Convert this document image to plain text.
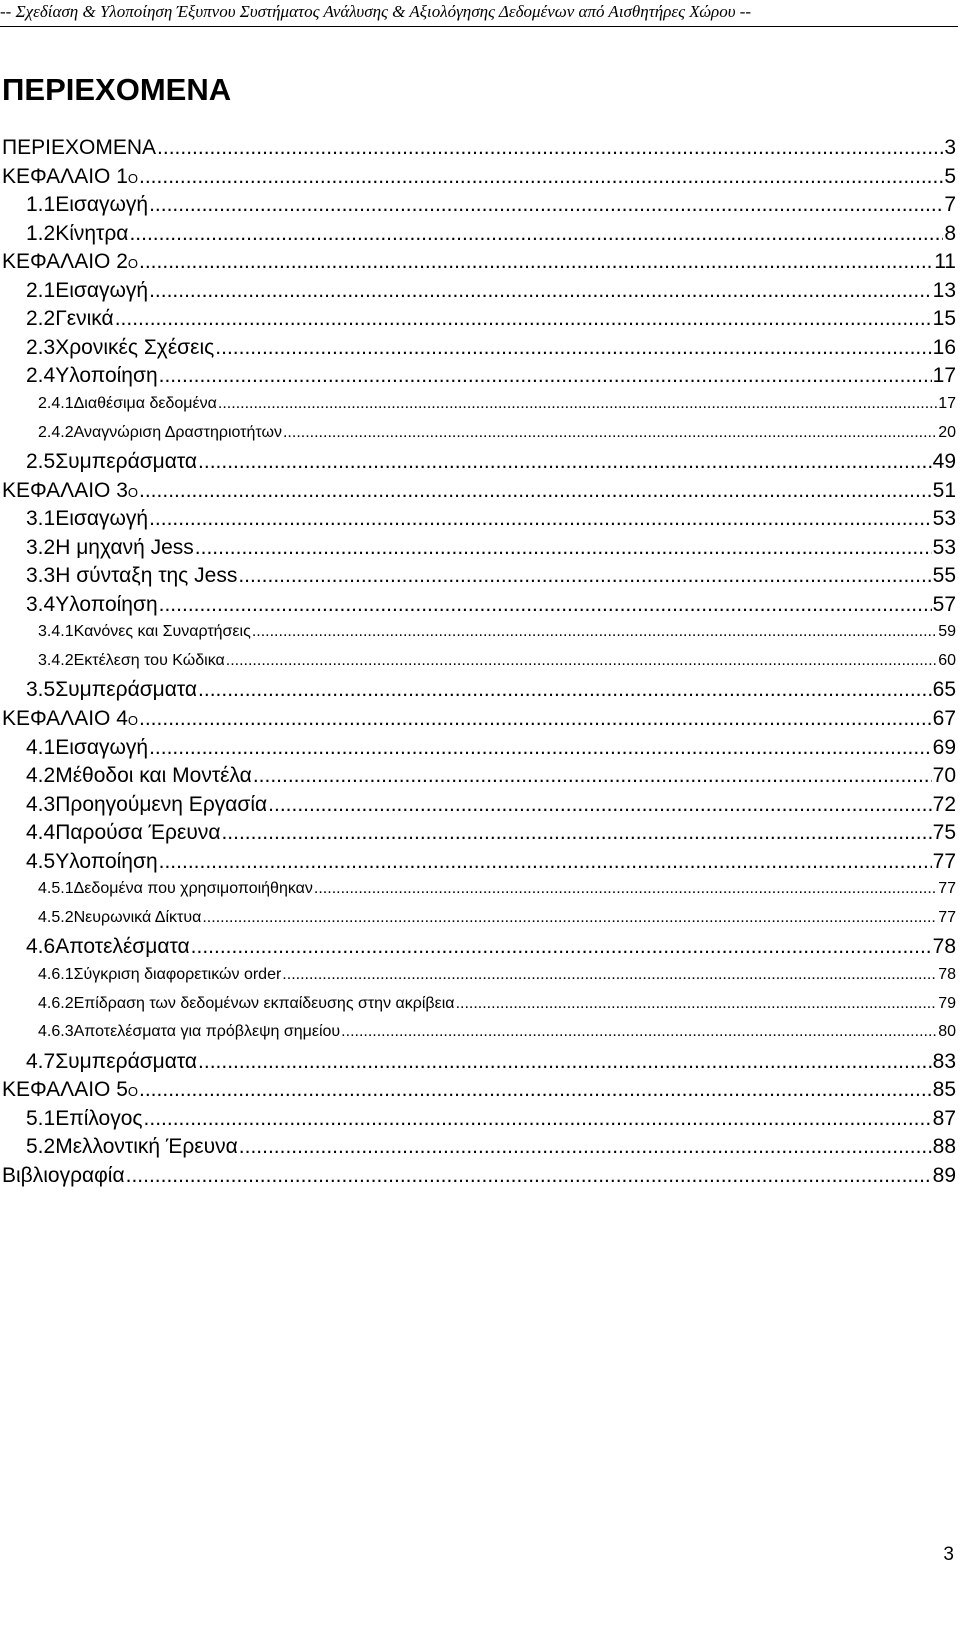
-- Σχεδίαση & Υλοποίηση Έξυπνου Συστήματος Ανάλυσης & Αξιολόγησης Δεδομένων από Αισθητήρες Χώρου --
ΠΕΡΙΕΧΟΜΕΝΑ
ΠΕΡΙΕΧΟΜΕΝΑ .....	3
ΚΕΦΑΛΑΙΟ 1 Ο .....	5
1.1 Εισαγωγή .....	7
1.2 Κίνητρα .....	8
ΚΕΦΑΛΑΙΟ 2 Ο .....	11
2.1 Εισαγωγή .....	13
2.2 Γενικά .....	15
2.3 Χρονικές Σχέσεις .....	16
2.4 Υλοποίηση .....	17
2.4.1 Διαθέσιμα δεδομένα .....	17
2.4.2 Αναγνώριση Δραστηριοτήτων .....	20
2.5 Συμπεράσματα .....	49
ΚΕΦΑΛΑΙΟ 3 Ο .....	51
3.1 Εισαγωγή .....	53
3.2 Η μηχανή Jess .....	53
3.3 Η σύνταξη της Jess .....	55
3.4 Υλοποίηση .....	57
3.4.1 Κανόνες και Συναρτήσεις .....	59
3.4.2 Εκτέλεση του Κώδικα .....	60
3.5 Συμπεράσματα .....	65
ΚΕΦΑΛΑΙΟ 4 Ο .....	67
4.1 Εισαγωγή .....	69
4.2 Μέθοδοι και Μοντέλα .....	70
4.3 Προηγούμενη Εργασία .....	72
4.4 Παρούσα Έρευνα .....	75
4.5 Υλοποίηση .....	77
4.5.1 Δεδομένα που χρησιμοποιήθηκαν .....	77
4.5.2 Νευρωνικά Δίκτυα .....	77
4.6 Αποτελέσματα .....	78
4.6.1 Σύγκριση διαφορετικών order .....	78
4.6.2 Επίδραση των δεδομένων εκπαίδευσης στην ακρίβεια .....	79
4.6.3 Αποτελέσματα για πρόβλεψη σημείου .....	80
4.7 Συμπεράσματα .....	83
ΚΕΦΑΛΑΙΟ 5 Ο .....	85
5.1 Επίλογος .....	87
5.2 Μελλοντική Έρευνα .....	88
Βιβλιογραφία .....	89
3
